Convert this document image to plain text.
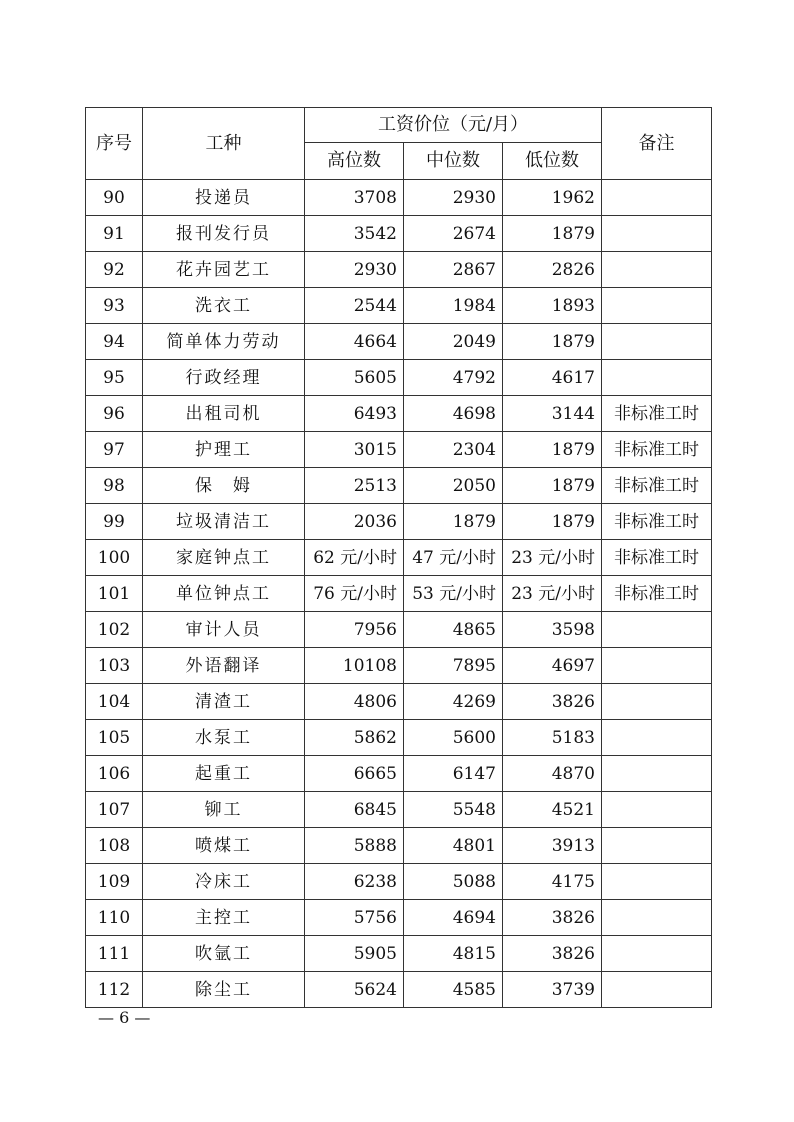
序号	工种	工资价位（元/月）			备注
		高位数	中位数	低位数	
90	投递员	3708	2930	1962	
91	报刊发行员	3542	2674	1879	
92	花卉园艺工	2930	2867	2826	
93	洗衣工	2544	1984	1893	
94	简单体力劳动	4664	2049	1879	
95	行政经理	5605	4792	4617	
96	出租司机	6493	4698	3144	非标准工时
97	护理工	3015	2304	1879	非标准工时
98	保　姆	2513	2050	1879	非标准工时
99	垃圾清洁工	2036	1879	1879	非标准工时
100	家庭钟点工	62 元/小时	47 元/小时	23 元/小时	非标准工时
101	单位钟点工	76 元/小时	53 元/小时	23 元/小时	非标准工时
102	审计人员	7956	4865	3598	
103	外语翻译	10108	7895	4697	
104	清渣工	4806	4269	3826	
105	水泵工	5862	5600	5183	
106	起重工	6665	6147	4870	
107	铆工	6845	5548	4521	
108	喷煤工	5888	4801	3913	
109	冷床工	6238	5088	4175	
110	主控工	5756	4694	3826	
111	吹氩工	5905	4815	3826	
112	除尘工	5624	4585	3739	
— 6 —
